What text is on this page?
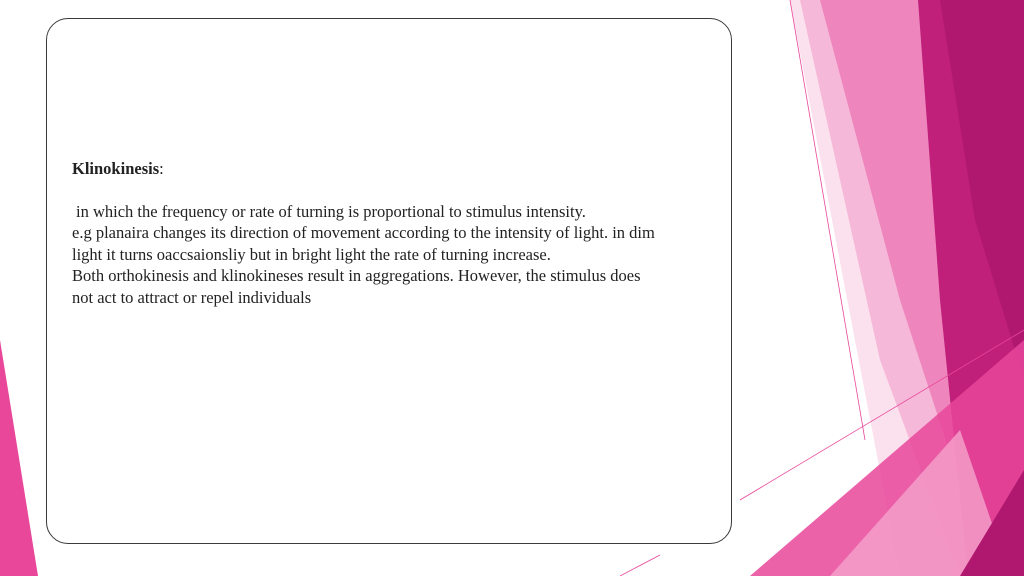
Klinokinesis:

in which the frequency or rate of turning is proportional to stimulus intensity.

e.g planaira changes its direction of movement according to the intensity of light. in dim light it turns oaccsaionsliy but in bright light the rate of turning increase.

Both orthokinesis and klinokineses result in aggregations. However, the stimulus does not act to attract or repel individuals
